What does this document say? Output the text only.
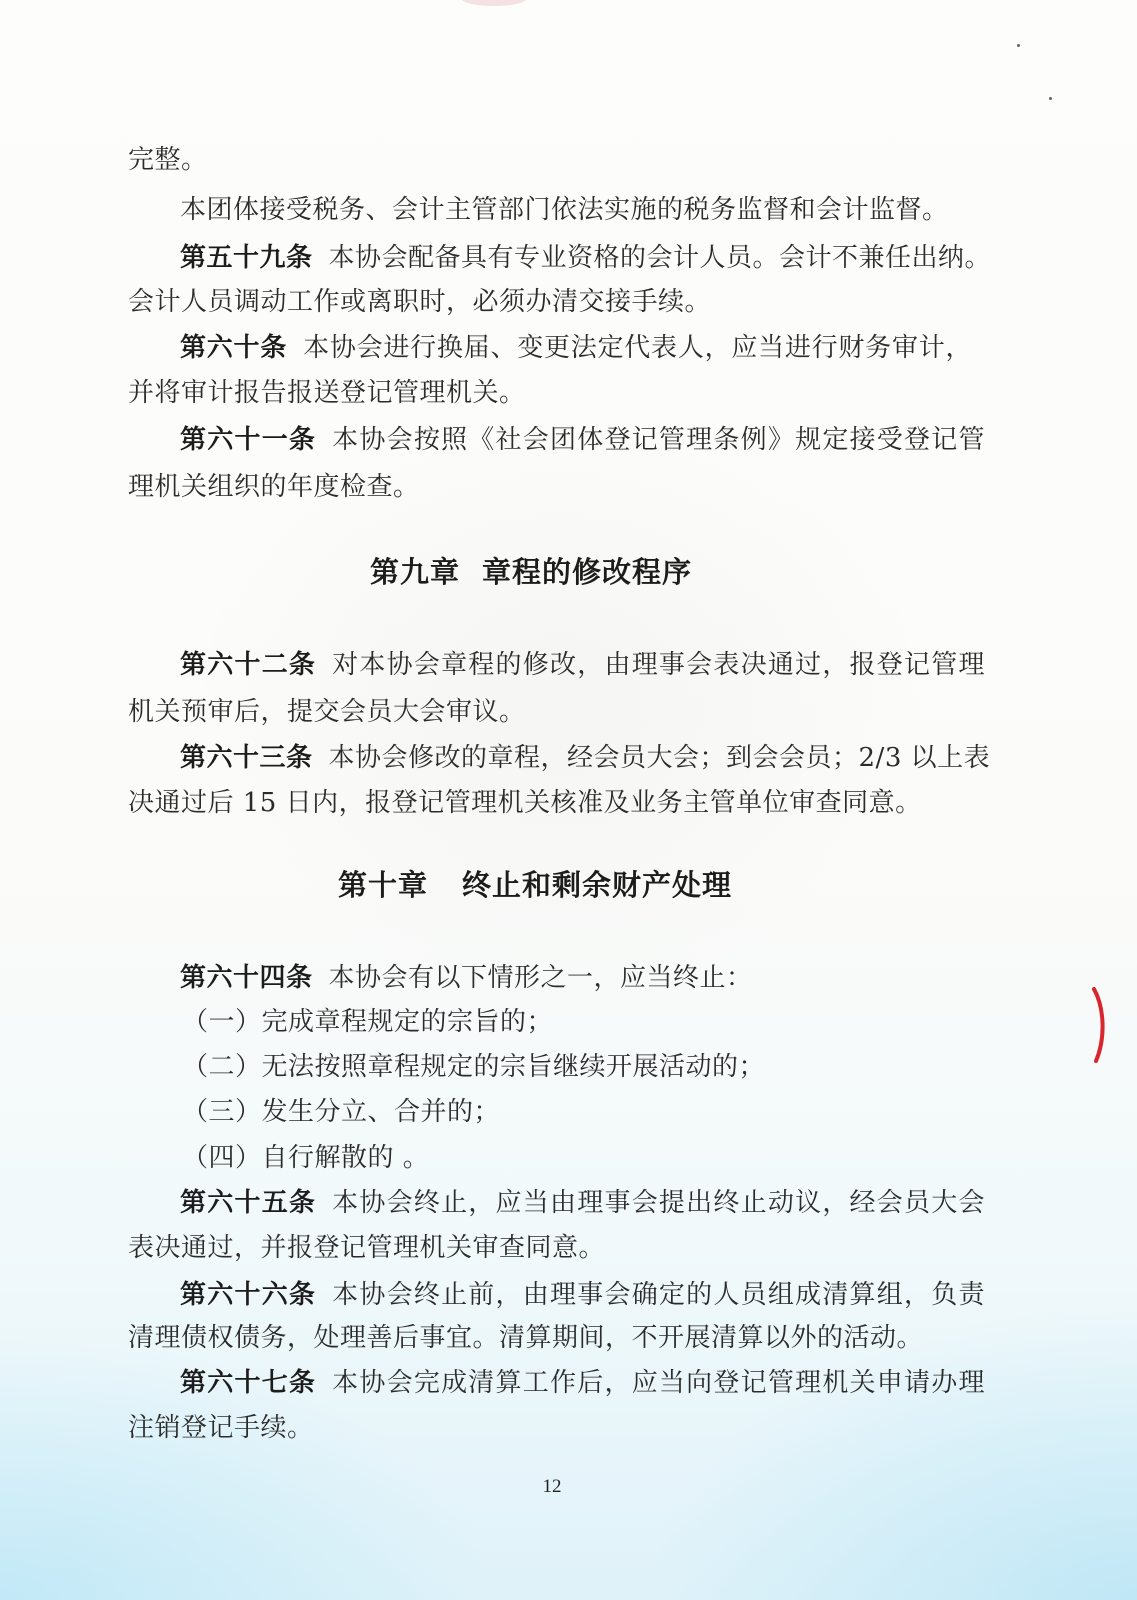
完整。
本团体接受税务、会计主管部门依法实施的税务监督和会计监督。
第五十九条 本协会配备具有专业资格的会计人员。会计不兼任出纳。
会计人员调动工作或离职时，必须办清交接手续。
第六十条 本协会进行换届、变更法定代表人，应当进行财务审计，
并将审计报告报送登记管理机关。
第六十一条 本协会按照《社会团体登记管理条例》规定接受登记管
理机关组织的年度检查。
第九章 章程的修改程序
第六十二条 对本协会章程的修改，由理事会表决通过，报登记管理
机关预审后，提交会员大会审议。
第六十三条 本协会修改的章程，经会员大会；到会会员；2/3 以上表
决通过后 15 日内，报登记管理机关核准及业务主管单位审查同意。
第十章 终止和剩余财产处理
第六十四条 本协会有以下情形之一，应当终止：
（一）完成章程规定的宗旨的；
（二）无法按照章程规定的宗旨继续开展活动的；
（三）发生分立、合并的；
（四）自行解散的 。
第六十五条 本协会终止，应当由理事会提出终止动议，经会员大会
表决通过，并报登记管理机关审查同意。
第六十六条 本协会终止前，由理事会确定的人员组成清算组，负责
清理债权债务，处理善后事宜。清算期间，不开展清算以外的活动。
第六十七条 本协会完成清算工作后，应当向登记管理机关申请办理
注销登记手续。
12
